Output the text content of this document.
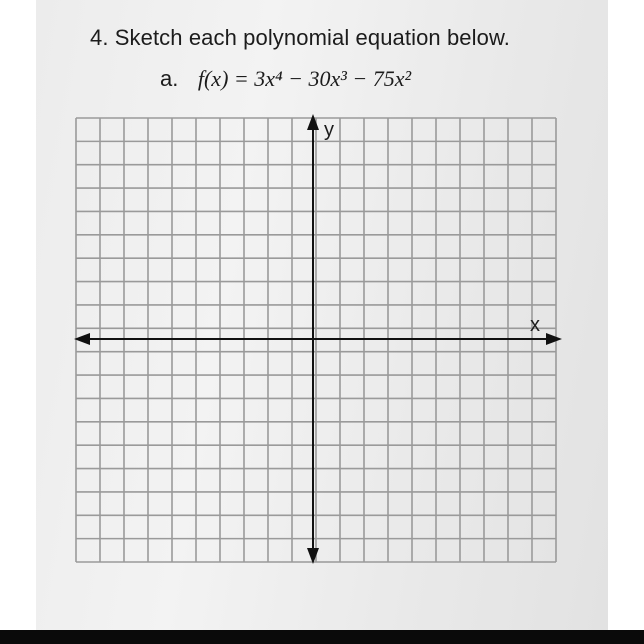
4. Sketch each polynomial equation below.
a. f(x) = 3x⁴ − 30x³ − 75x²
y
x
